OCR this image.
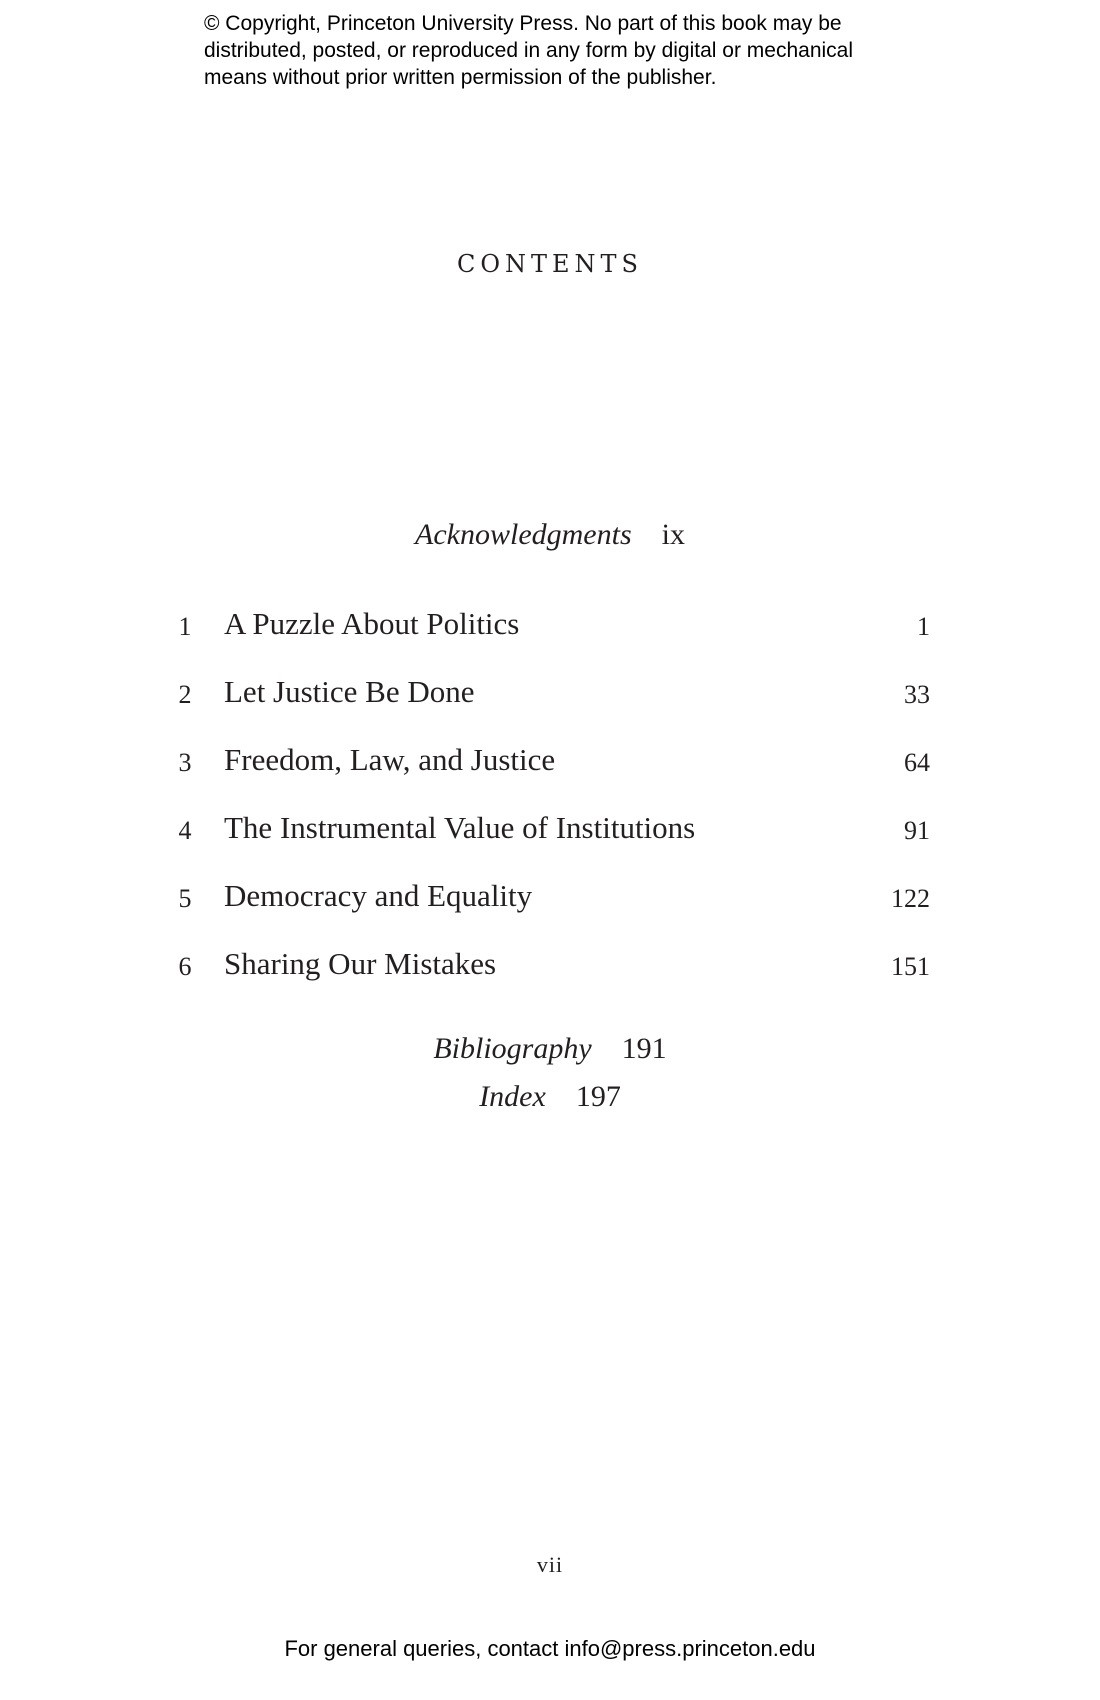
© Copyright, Princeton University Press. No part of this book may be
distributed, posted, or reproduced in any form by digital or mechanical
means without prior written permission of the publisher.
CONTENTS
Acknowledgments ix
1 A Puzzle About Politics	1
2 Let Justice Be Done	33
3 Freedom, Law, and Justice	64
4 The Instrumental Value of Institutions	91
5 Democracy and Equality	122
6 Sharing Our Mistakes	151
Bibliography 191
Index 197
vii
For general queries, contact info@press.princeton.edu
